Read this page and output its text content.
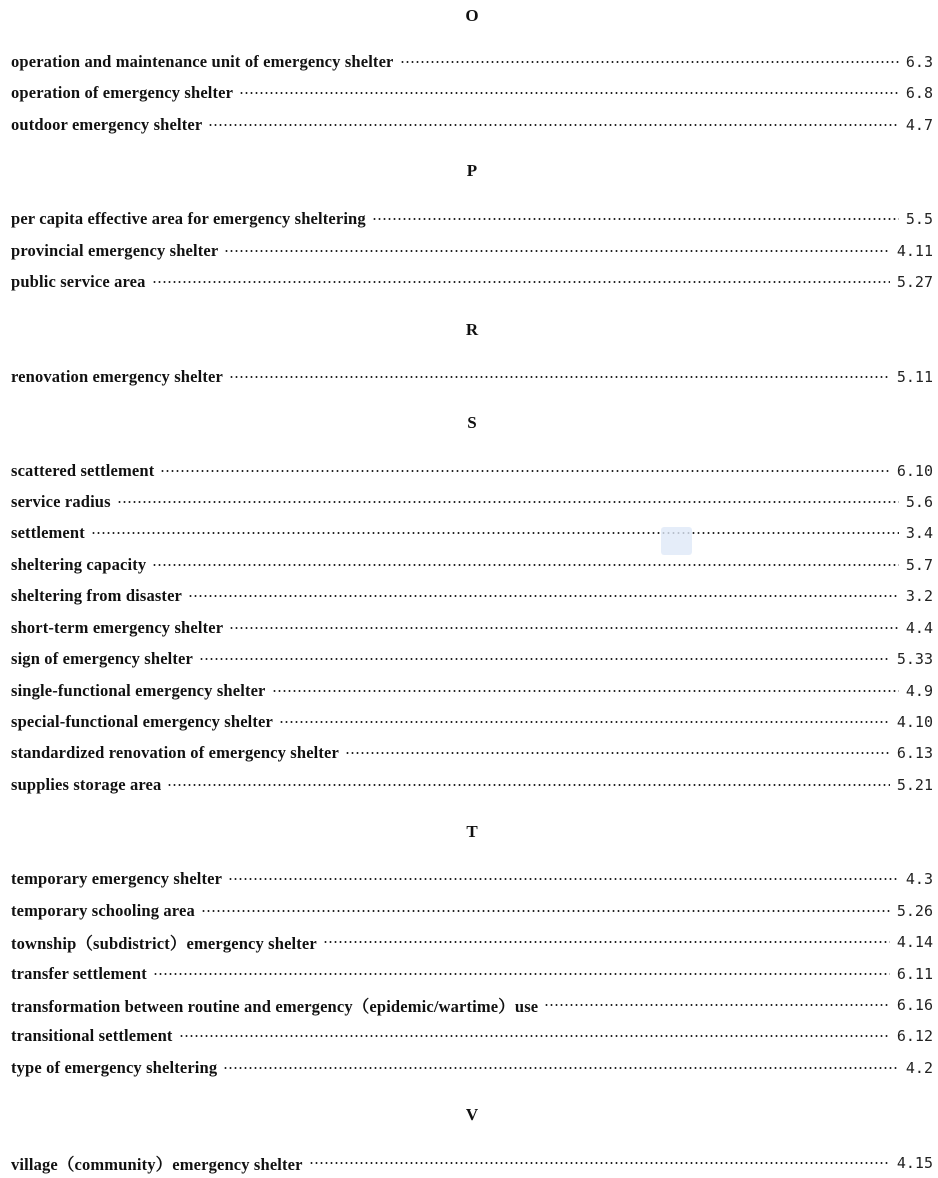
O
operation and maintenance unit of emergency shelter	6.3
operation of emergency shelter	6.8
outdoor emergency shelter	4.7
P
per capita effective area for emergency sheltering	5.5
provincial emergency shelter	4.11
public service area	5.27
R
renovation emergency shelter	5.11
S
scattered settlement	6.10
service radius	5.6
settlement	3.4
sheltering capacity	5.7
sheltering from disaster	3.2
short-term emergency shelter	4.4
sign of emergency shelter	5.33
single-functional emergency shelter	4.9
special-functional emergency shelter	4.10
standardized renovation of emergency shelter	6.13
supplies storage area	5.21
T
temporary emergency shelter	4.3
temporary schooling area	5.26
township（subdistrict）emergency shelter	4.14
transfer settlement	6.11
transformation between routine and emergency（epidemic/wartime）use	6.16
transitional settlement	6.12
type of emergency sheltering	4.2
V
village（community）emergency shelter	4.15
